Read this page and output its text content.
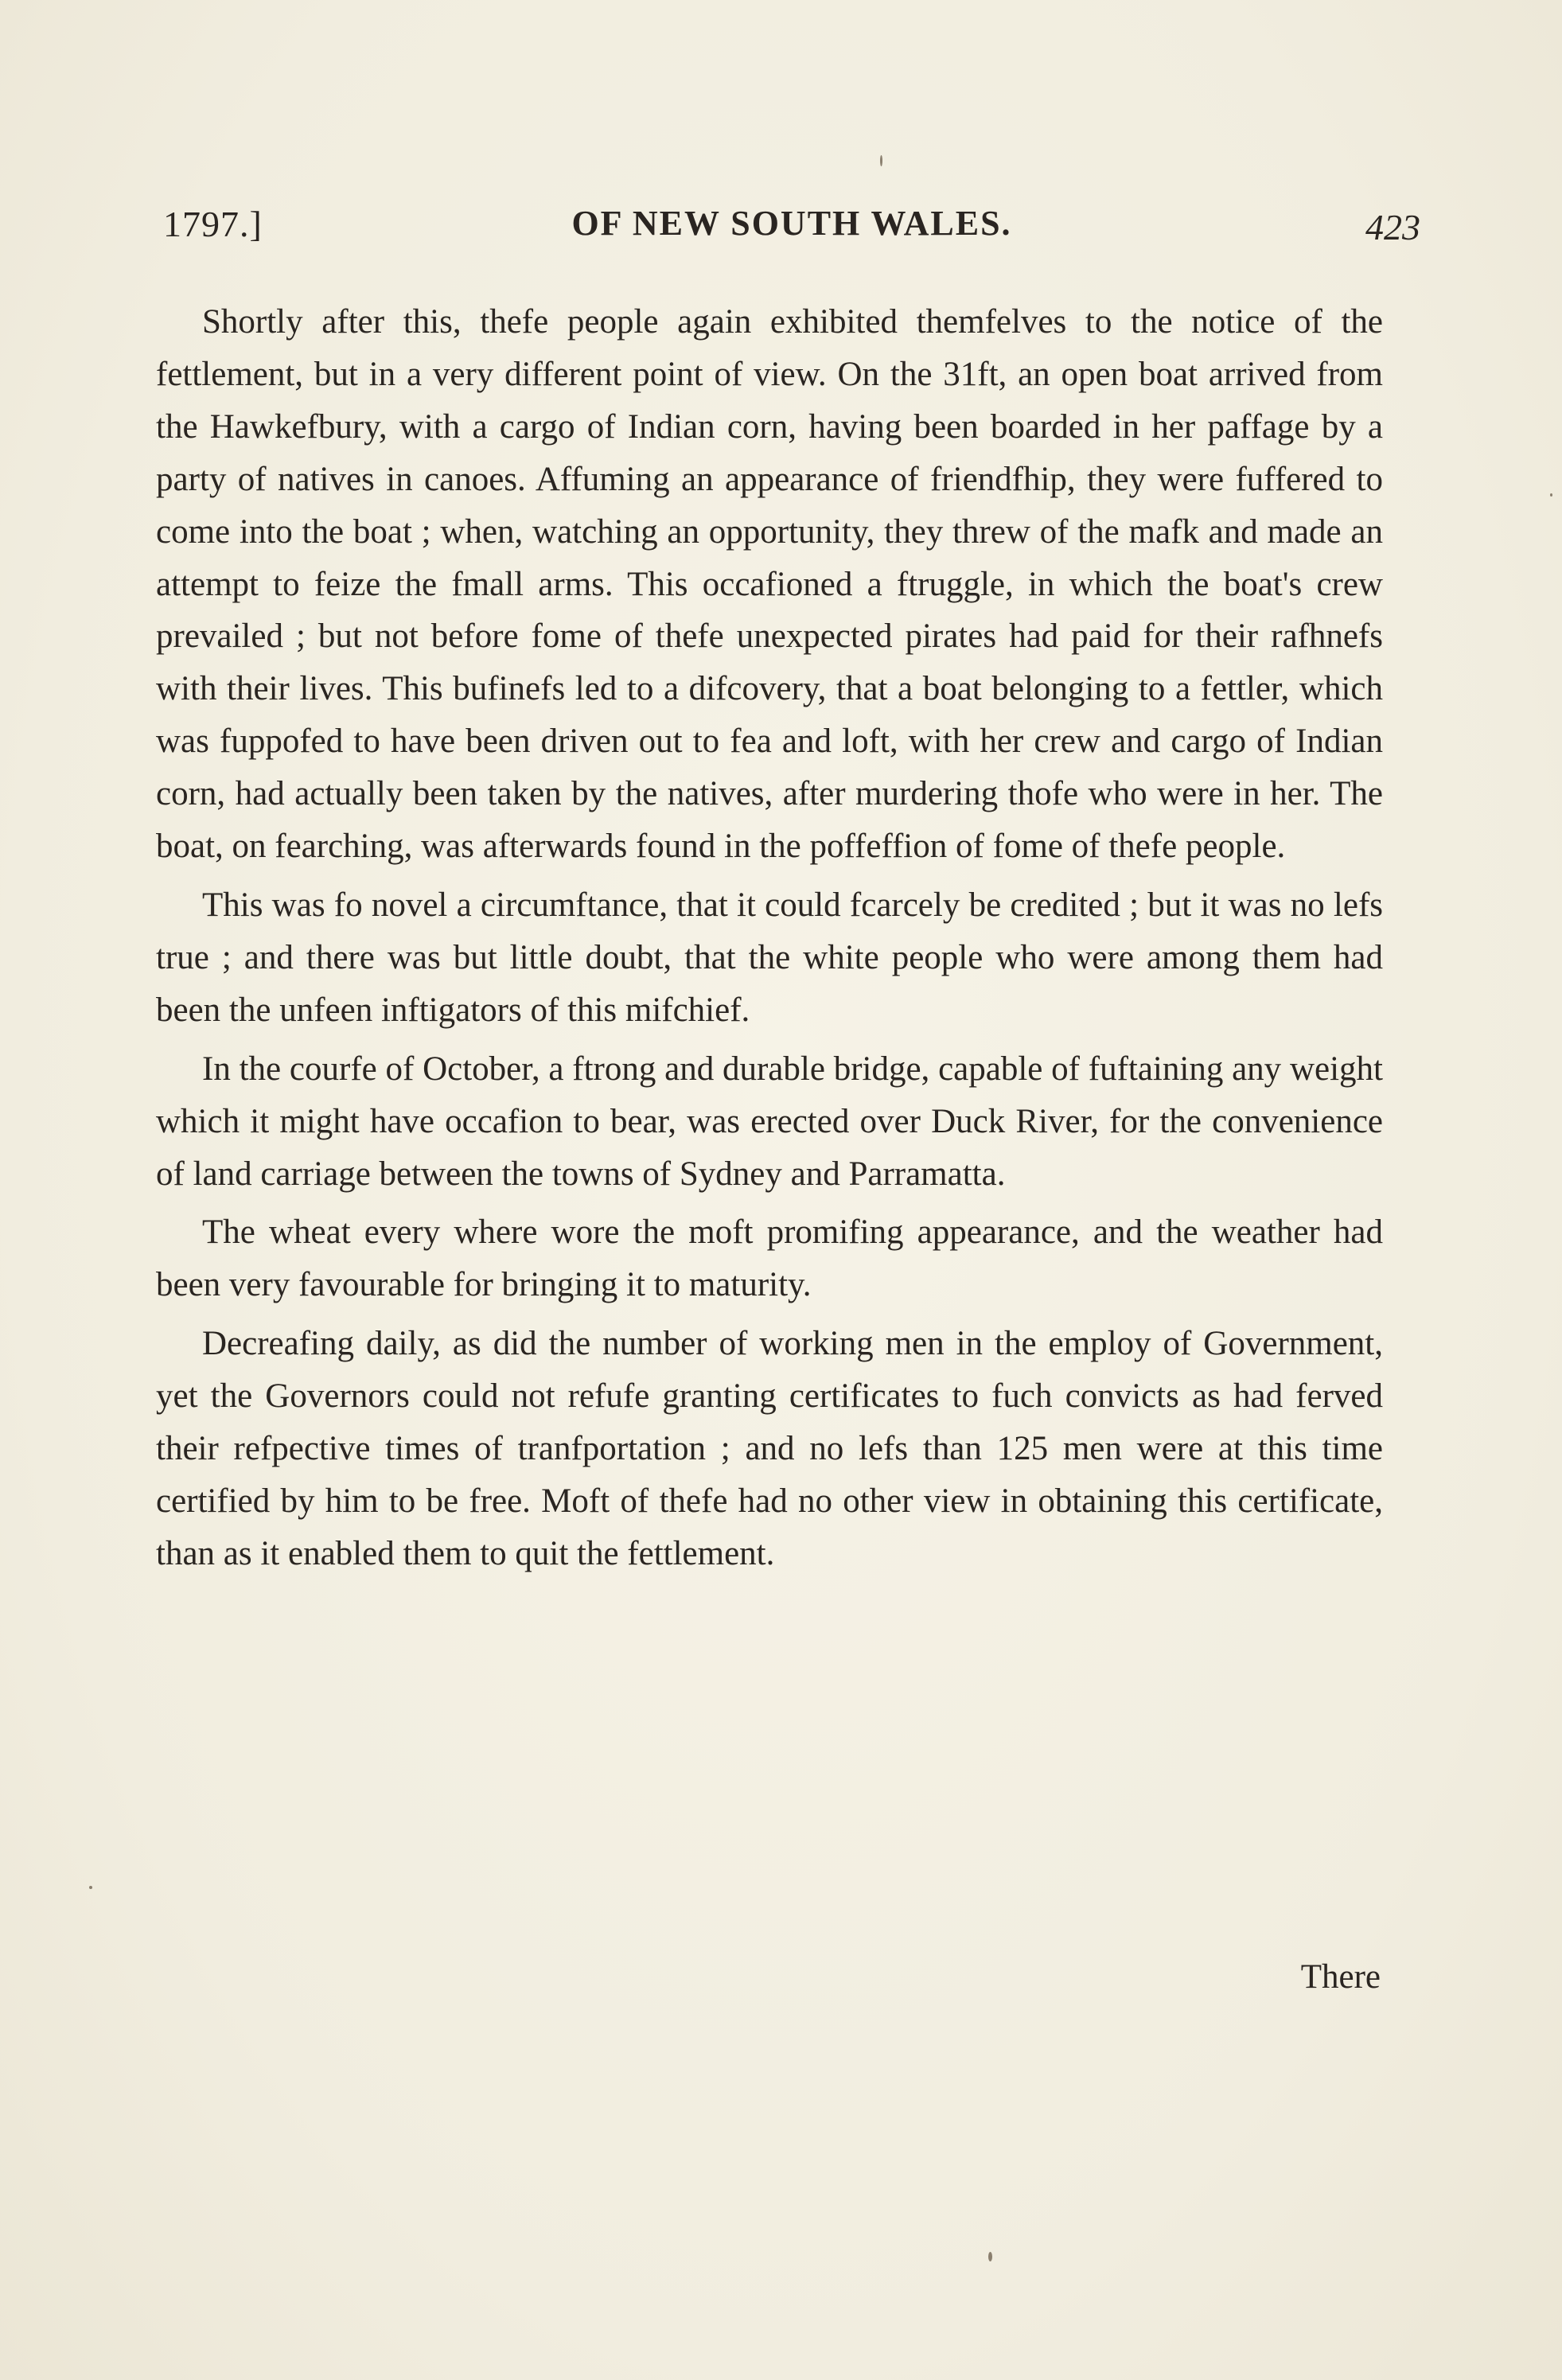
1797.]	OF NEW SOUTH WALES.	423

Shortly after this, thefe people again exhibited themfelves to the notice of the fettlement, but in a very different point of view. On the 31ft, an open boat arrived from the Hawkefbury, with a cargo of Indian corn, having been boarded in her paffage by a party of natives in canoes. Affuming an appearance of friendfhip, they were fuffered to come into the boat ; when, watching an opportunity, they threw of the mafk and made an attempt to feize the fmall arms. This occafioned a ftruggle, in which the boat's crew prevailed ; but not before fome of thefe unexpected pirates had paid for their rafhnefs with their lives. This bufinefs led to a difcovery, that a boat belonging to a fettler, which was fuppofed to have been driven out to fea and loft, with her crew and cargo of Indian corn, had actually been taken by the natives, after murdering thofe who were in her. The boat, on fearching, was afterwards found in the poffeffion of fome of thefe people.

This was fo novel a circumftance, that it could fcarcely be credited ; but it was no lefs true ; and there was but little doubt, that the white people who were among them had been the unfeen inftigators of this mifchief.

In the courfe of October, a ftrong and durable bridge, capable of fuftaining any weight which it might have occafion to bear, was erected over Duck River, for the convenience of land carriage between the towns of Sydney and Parramatta.

The wheat every where wore the moft promifing appearance, and the weather had been very favourable for bringing it to maturity.

Decreafing daily, as did the number of working men in the employ of Government, yet the Governors could not refufe granting certificates to fuch convicts as had ferved their refpective times of tranfportation ; and no lefs than 125 men were at this time certified by him to be free. Moft of thefe had no other view in obtaining this certificate, than as it enabled them to quit the fettlement.

There
